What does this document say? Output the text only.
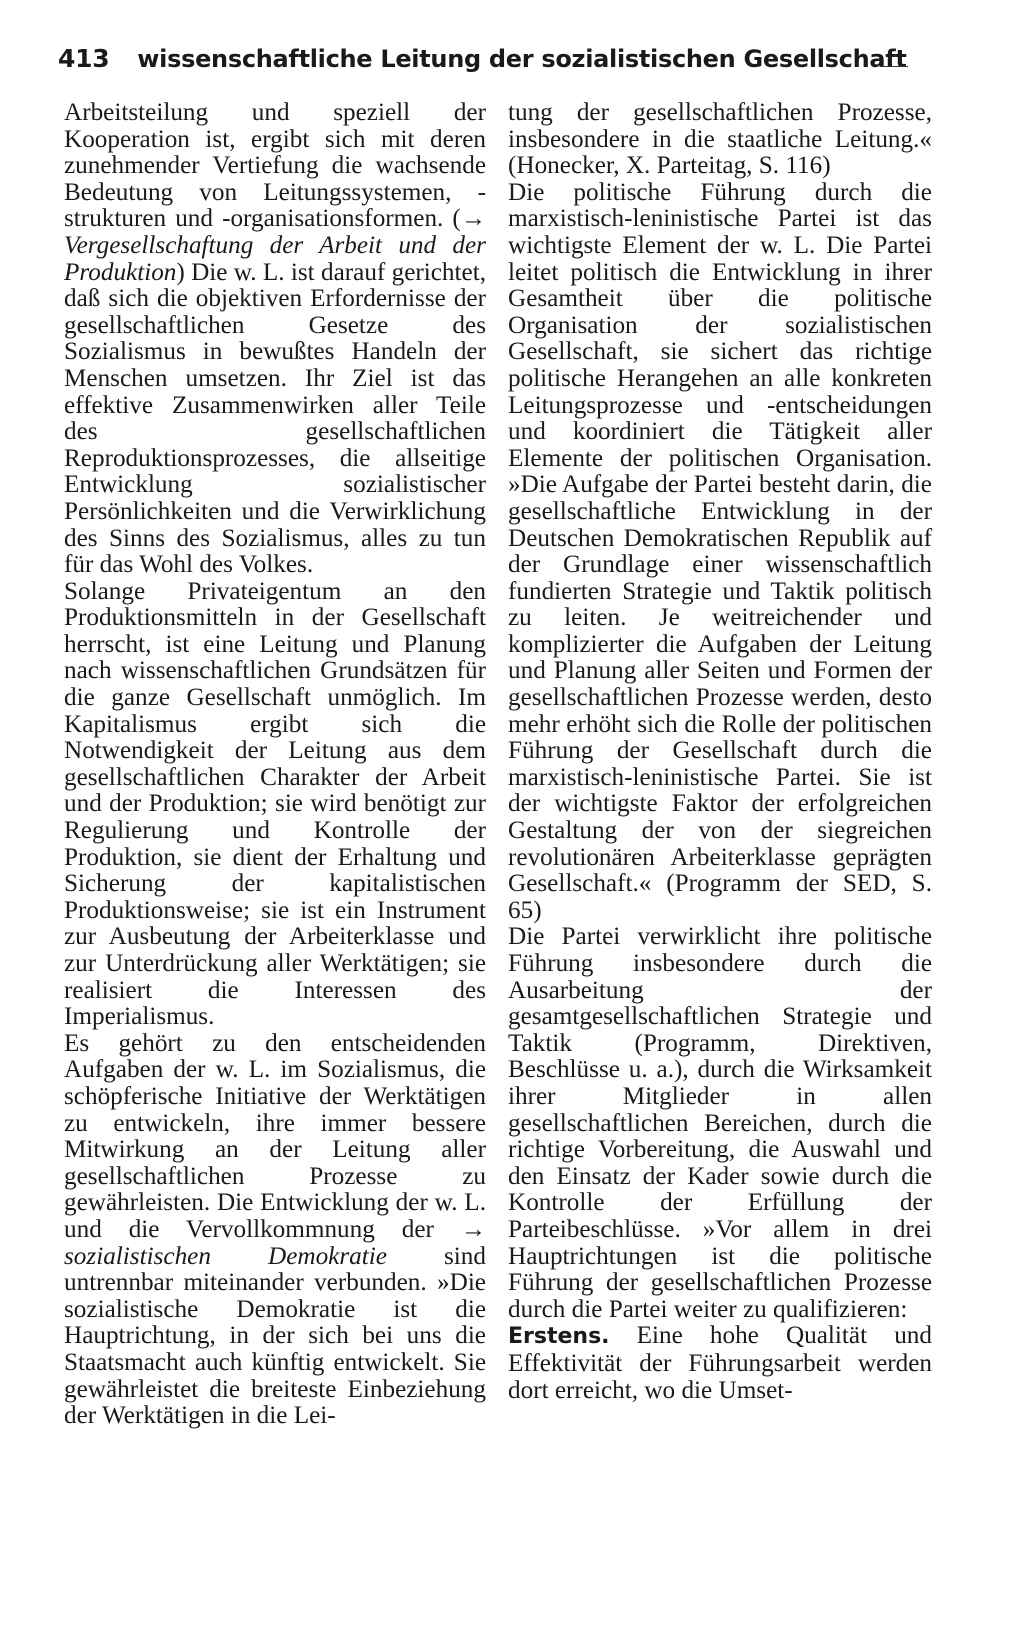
413 wissenschaftliche Leitung der sozialistischen Gesellschaft

Arbeitsteilung und speziell der Kooperation ist, ergibt sich mit deren zunehmender Vertiefung die wachsende Bedeutung von Leitungssystemen, -strukturen und -organisationsformen. (→ Vergesellschaftung der Arbeit und der Produktion) Die w. L. ist darauf gerichtet, daß sich die objektiven Erfordernisse der gesellschaftlichen Gesetze des Sozialismus in bewußtes Handeln der Menschen umsetzen. Ihr Ziel ist das effektive Zusammenwirken aller Teile des gesellschaftlichen Reproduktionsprozesses, die allseitige Entwicklung sozialistischer Persönlichkeiten und die Verwirklichung des Sinns des Sozialismus, alles zu tun für das Wohl des Volkes.

Solange Privateigentum an den Produktionsmitteln in der Gesellschaft herrscht, ist eine Leitung und Planung nach wissenschaftlichen Grundsätzen für die ganze Gesellschaft unmöglich. Im Kapitalismus ergibt sich die Notwendigkeit der Leitung aus dem gesellschaftlichen Charakter der Arbeit und der Produktion; sie wird benötigt zur Regulierung und Kontrolle der Produktion, sie dient der Erhaltung und Sicherung der kapitalistischen Produktionsweise; sie ist ein Instrument zur Ausbeutung der Arbeiterklasse und zur Unterdrückung aller Werktätigen; sie realisiert die Interessen des Imperialismus.

Es gehört zu den entscheidenden Aufgaben der w. L. im Sozialismus, die schöpferische Initiative der Werktätigen zu entwickeln, ihre immer bessere Mitwirkung an der Leitung aller gesellschaftlichen Prozesse zu gewährleisten. Die Entwicklung der w. L. und die Vervollkommnung der → sozialistischen Demokratie sind untrennbar miteinander verbunden. »Die sozialistische Demokratie ist die Hauptrichtung, in der sich bei uns die Staatsmacht auch künftig entwickelt. Sie gewährleistet die breiteste Einbeziehung der Werktätigen in die Lei-

tung der gesellschaftlichen Prozesse, insbesondere in die staatliche Leitung.« (Honecker, X. Parteitag, S. 116)

Die politische Führung durch die marxistisch-leninistische Partei ist das wichtigste Element der w. L. Die Partei leitet politisch die Entwicklung in ihrer Gesamtheit über die politische Organisation der sozialistischen Gesellschaft, sie sichert das richtige politische Herangehen an alle konkreten Leitungsprozesse und -entscheidungen und koordiniert die Tätigkeit aller Elemente der politischen Organisation. »Die Aufgabe der Partei besteht darin, die gesellschaftliche Entwicklung in der Deutschen Demokratischen Republik auf der Grundlage einer wissenschaftlich fundierten Strategie und Taktik politisch zu leiten. Je weitreichender und komplizierter die Aufgaben der Leitung und Planung aller Seiten und Formen der gesellschaftlichen Prozesse werden, desto mehr erhöht sich die Rolle der politischen Führung der Gesellschaft durch die marxistisch-leninistische Partei. Sie ist der wichtigste Faktor der erfolgreichen Gestaltung der von der siegreichen revolutionären Arbeiterklasse geprägten Gesellschaft.« (Programm der SED, S. 65)

Die Partei verwirklicht ihre politische Führung insbesondere durch die Ausarbeitung der gesamtgesellschaftlichen Strategie und Taktik (Programm, Direktiven, Beschlüsse u. a.), durch die Wirksamkeit ihrer Mitglieder in allen gesellschaftlichen Bereichen, durch die richtige Vorbereitung, die Auswahl und den Einsatz der Kader sowie durch die Kontrolle der Erfüllung der Parteibeschlüsse. »Vor allem in drei Hauptrichtungen ist die politische Führung der gesellschaftlichen Prozesse durch die Partei weiter zu qualifizieren:

Erstens. Eine hohe Qualität und Effektivität der Führungsarbeit werden dort erreicht, wo die Umset-
